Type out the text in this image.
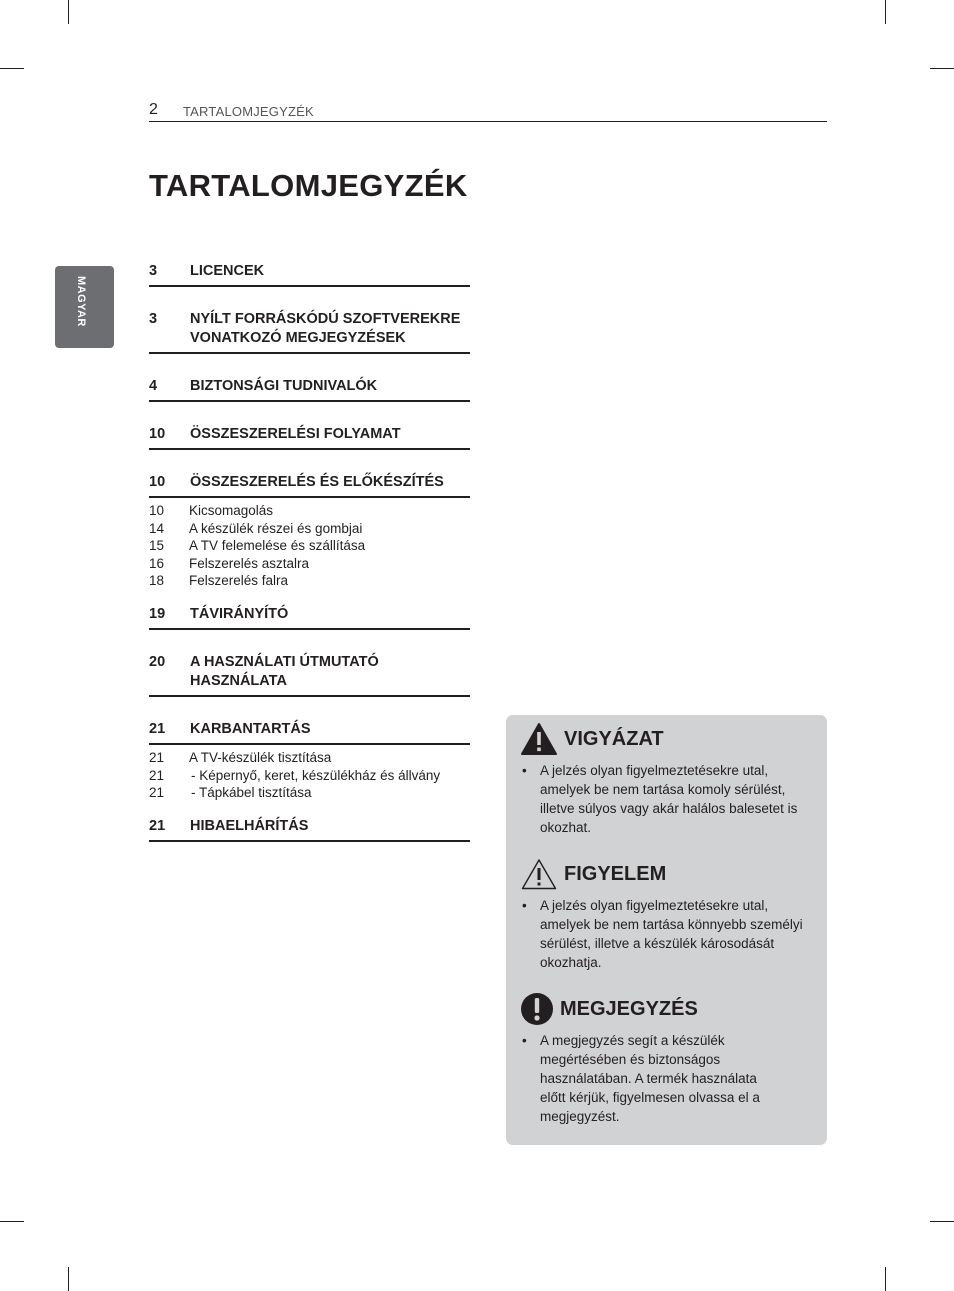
2 TARTALOMJEGYZÉK
TARTALOMJEGYZÉK
MAGYAR
3	LICENCEK
3	NYÍLT FORRÁSKÓDÚ SZOFTVEREKRE VONATKOZÓ MEGJEGYZÉSEK
4	BIZTONSÁGI TUDNIVALÓK
10	ÖSSZESZERELÉSI FOLYAMAT
10	ÖSSZESZERELÉS ÉS ELŐKÉSZÍTÉS
10	Kicsomagolás
14	A készülék részei és gombjai
15	A TV felemelése és szállítása
16	Felszerelés asztalra
18	Felszerelés falra
19	TÁVIRÁNYÍTÓ
20	A HASZNÁLATI ÚTMUTATÓ HASZNÁLATA
21	KARBANTARTÁS
21	A TV-készülék tisztítása
21	- Képernyő, keret, készülékház és állvány
21	- Tápkábel tisztítása
21	HIBAELHÁRÍTÁS
VIGYÁZAT
• A jelzés olyan figyelmeztetésekre utal, amelyek be nem tartása komoly sérülést, illetve súlyos vagy akár halálos balesetet is okozhat.
FIGYELEM
• A jelzés olyan figyelmeztetésekre utal, amelyek be nem tartása könnyebb személyi sérülést, illetve a készülék károsodását okozhatja.
MEGJEGYZÉS
• A megjegyzés segít a készülék megértésében és biztonságos használatában. A termék használata előtt kérjük, figyelmesen olvassa el a megjegyzést.
